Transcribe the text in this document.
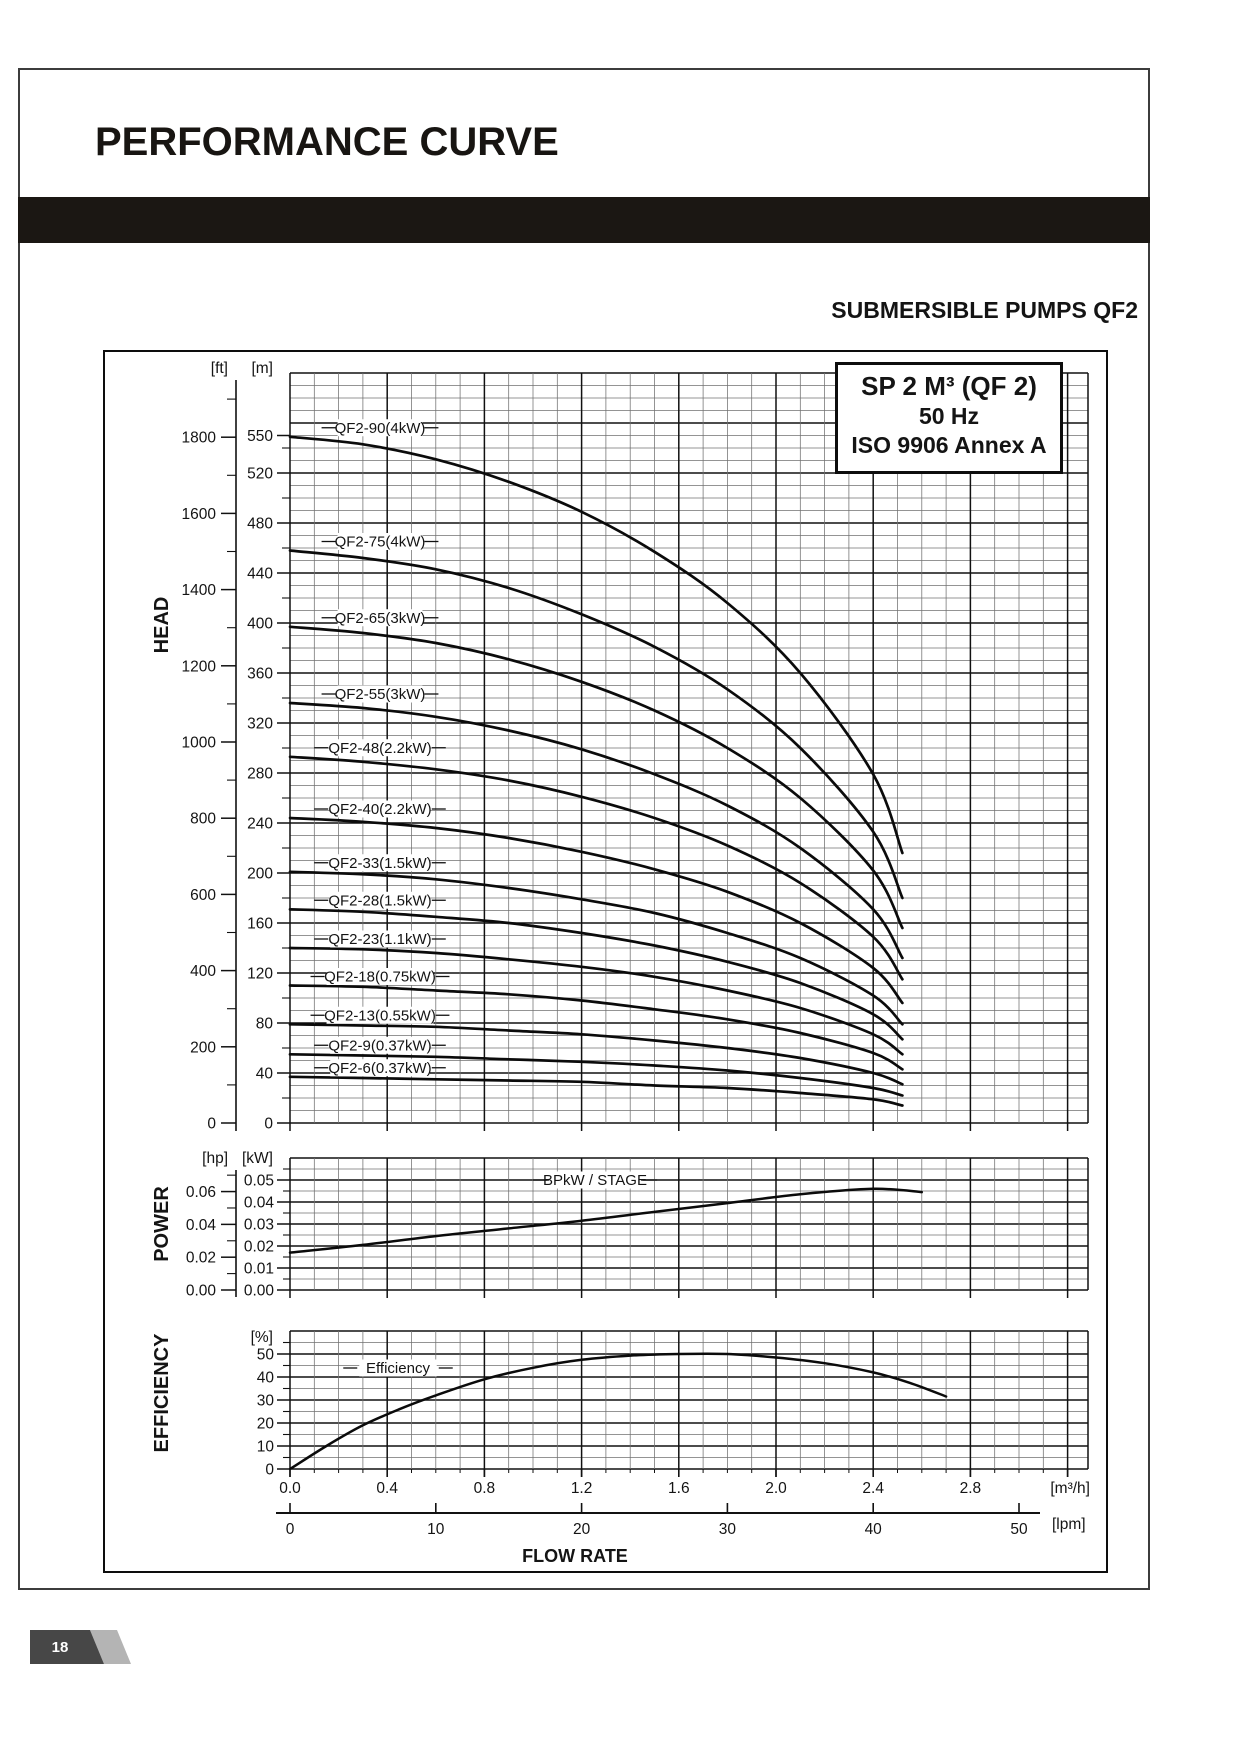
PERFORMANCE CURVE
SUBMERSIBLE PUMPS QF2
1800
1600
1400
1200
1000
800
600
400
200
0
550
520
480
440
400
360
320
280
240
200
160
120
80
40
0
[ft] [m]
QF2-90(4kW)
QF2-75(4kW)
QF2-65(3kW)
QF2-55(3kW)
QF2-48(2.2kW)
QF2-40(2.2kW)
QF2-33(1.5kW)
QF2-28(1.5kW)
QF2-23(1.1kW)
QF2-18(0.75kW)
QF2-13(0.55kW)
QF2-9(0.37kW)
QF2-6(0.37kW)
0.06
0.04
0.02
0.00
0.05
0.04
0.03
0.02
0.01
0.00
[hp] [kW]
BPkW / STAGE
50
40
30
20
10
0
[%]
Efficiency
0.0	0.4	0.8	1.2	1.6	2.0	2.4	2.8	[m³/h]
0	10	20	30	40	50 [lpm]
FLOW RATE
HEAD
POWER
EFFICIENCY
18
SP 2 M³ (QF 2)
50 Hz
ISO 9906 Annex A
